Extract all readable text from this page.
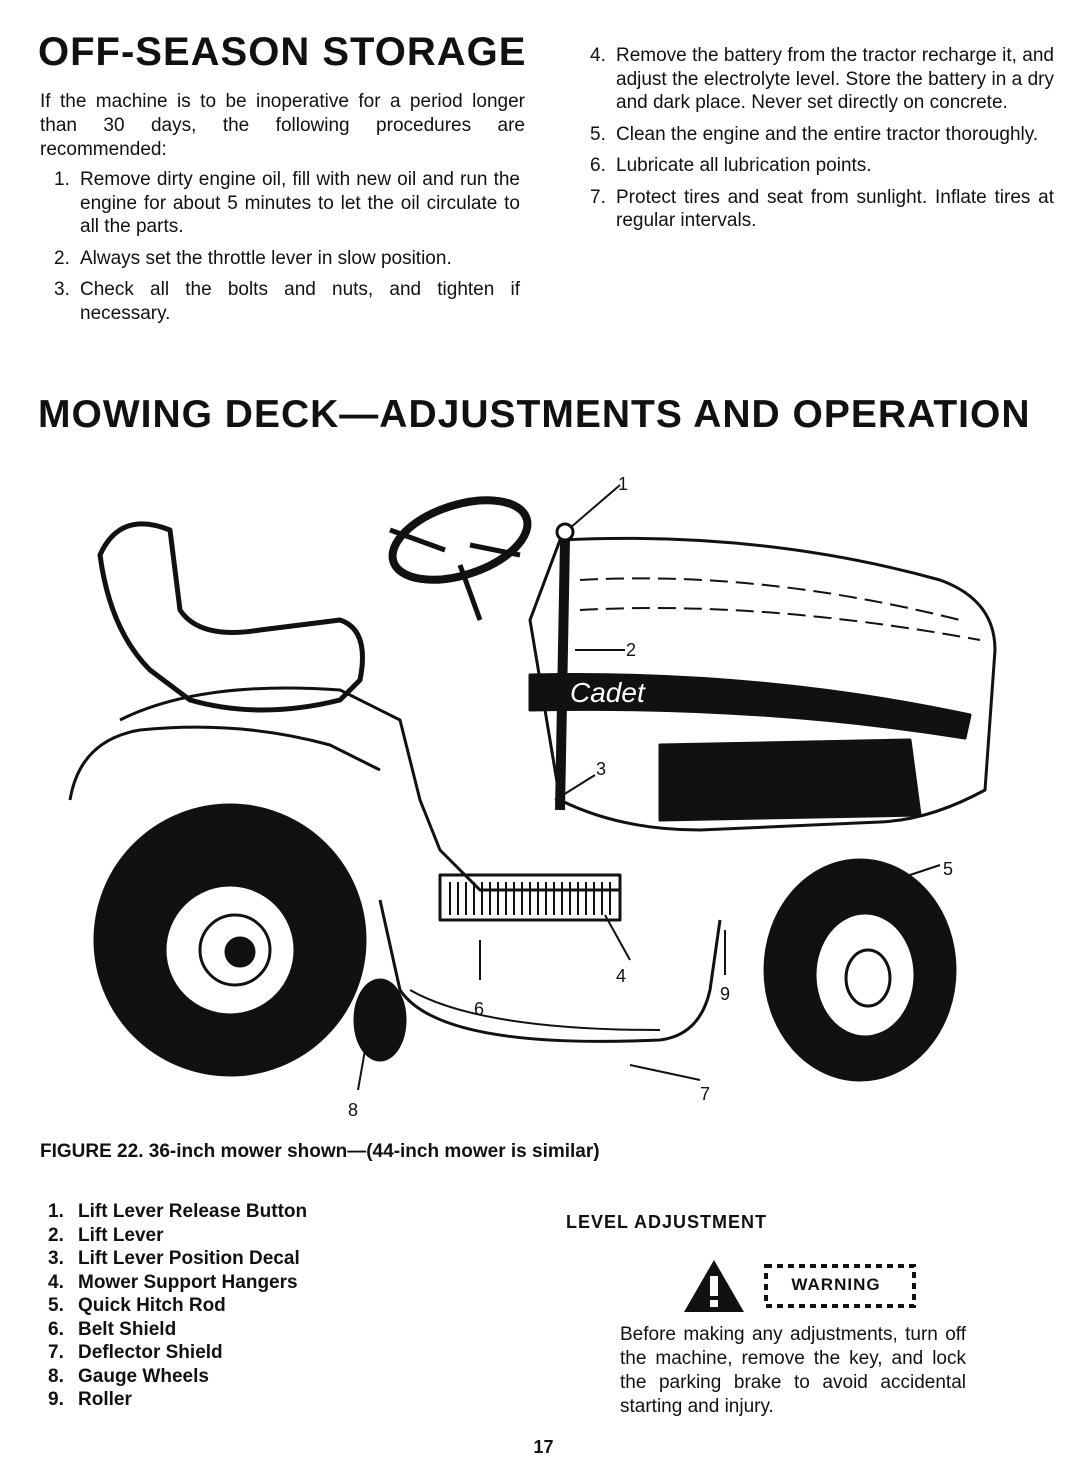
OFF-SEASON STORAGE

If the machine is to be inoperative for a period longer than 30 days, the following procedures are recommended:

1. Remove dirty engine oil, fill with new oil and run the engine for about 5 minutes to let the oil circulate to all the parts.
2. Always set the throttle lever in slow position.
3. Check all the bolts and nuts, and tighten if necessary.
4. Remove the battery from the tractor recharge it, and adjust the electrolyte level. Store the battery in a dry and dark place. Never set directly on concrete.
5. Clean the engine and the entire tractor thoroughly.
6. Lubricate all lubrication points.
7. Protect tires and seat from sunlight. Inflate tires at regular intervals.
MOWING DECK—ADJUSTMENTS AND OPERATION
Cadet
1
2
3
4
5
6
7
8
9
FIGURE 22. 36-inch mower shown—(44-inch mower is similar)
1. Lift Lever Release Button
2. Lift Lever
3. Lift Lever Position Decal
4. Mower Support Hangers
5. Quick Hitch Rod
6. Belt Shield
7. Deflector Shield
8. Gauge Wheels
9. Roller
LEVEL ADJUSTMENT
WARNING

Before making any adjustments, turn off the machine, remove the key, and lock the parking brake to avoid accidental starting and injury.

17
